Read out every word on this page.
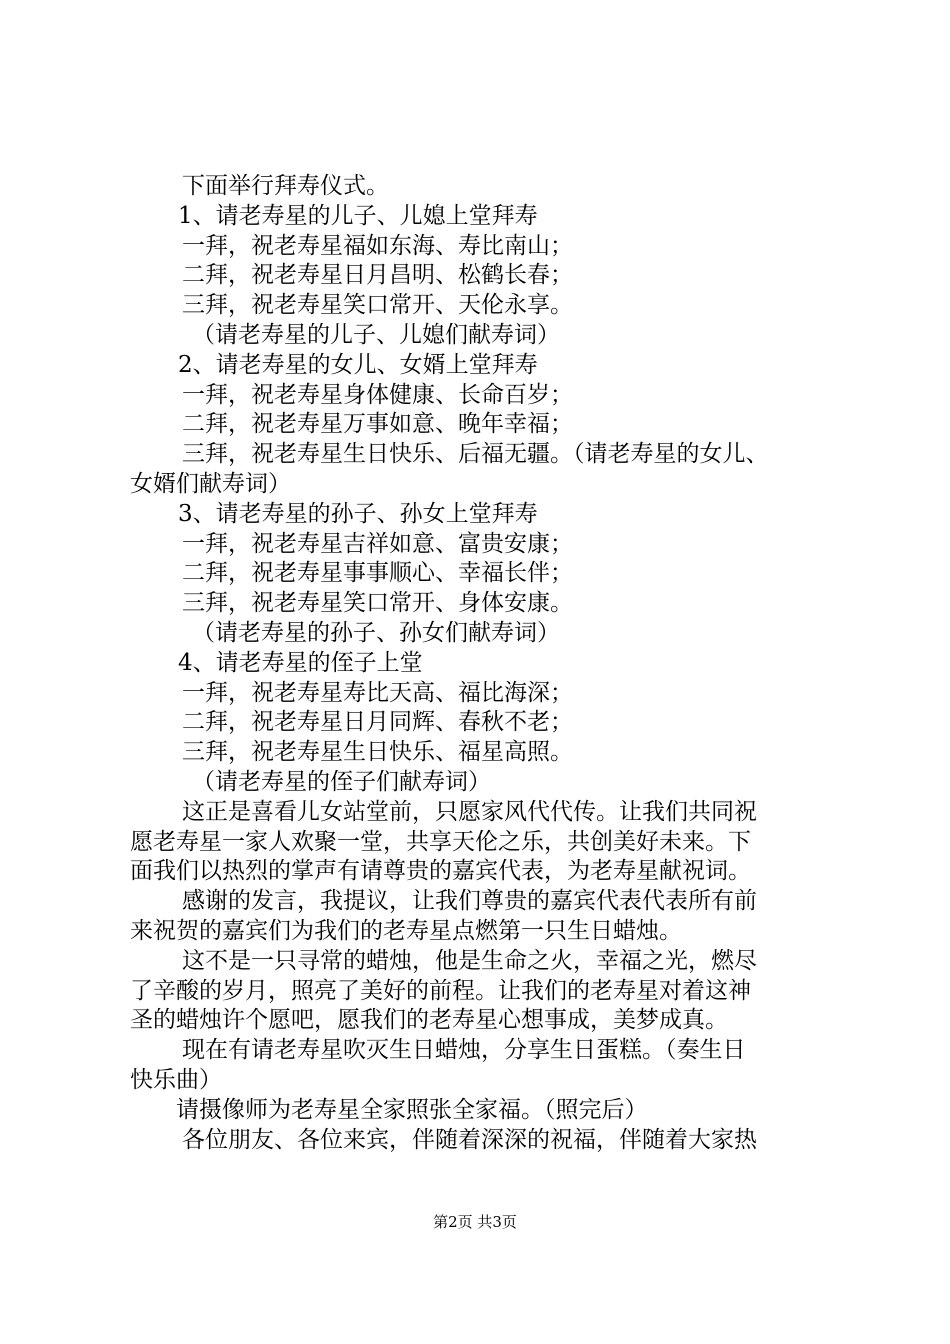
下面举行拜寿仪式。
1、请老寿星的儿子、儿媳上堂拜寿
一拜，祝老寿星福如东海、寿比南山；
二拜，祝老寿星日月昌明、松鹤长春；
三拜，祝老寿星笑口常开、天伦永享。
（请老寿星的儿子、儿媳们献寿词）
2、请老寿星的女儿、女婿上堂拜寿
一拜，祝老寿星身体健康、长命百岁；
二拜，祝老寿星万事如意、晚年幸福；
三拜，祝老寿星生日快乐、后福无疆。（请老寿星的女儿、
女婿们献寿词）
3、请老寿星的孙子、孙女上堂拜寿
一拜，祝老寿星吉祥如意、富贵安康；
二拜，祝老寿星事事顺心、幸福长伴；
三拜，祝老寿星笑口常开、身体安康。
（请老寿星的孙子、孙女们献寿词）
4、请老寿星的侄子上堂
一拜，祝老寿星寿比天高、福比海深；
二拜，祝老寿星日月同辉、春秋不老；
三拜，祝老寿星生日快乐、福星高照。
（请老寿星的侄子们献寿词）
这正是喜看儿女站堂前，只愿家风代代传。让我们共同祝
愿老寿星一家人欢聚一堂，共享天伦之乐，共创美好未来。下
面我们以热烈的掌声有请尊贵的嘉宾代表，为老寿星献祝词。
感谢的发言，我提议，让我们尊贵的嘉宾代表代表所有前
来祝贺的嘉宾们为我们的老寿星点燃第一只生日蜡烛。
这不是一只寻常的蜡烛，他是生命之火，幸福之光，燃尽
了辛酸的岁月，照亮了美好的前程。让我们的老寿星对着这神
圣的蜡烛许个愿吧，愿我们的老寿星心想事成，美梦成真。
现在有请老寿星吹灭生日蜡烛，分享生日蛋糕。（奏生日
快乐曲）
请摄像师为老寿星全家照张全家福。（照完后）
各位朋友、各位来宾，伴随着深深的祝福，伴随着大家热
第2页 共3页
